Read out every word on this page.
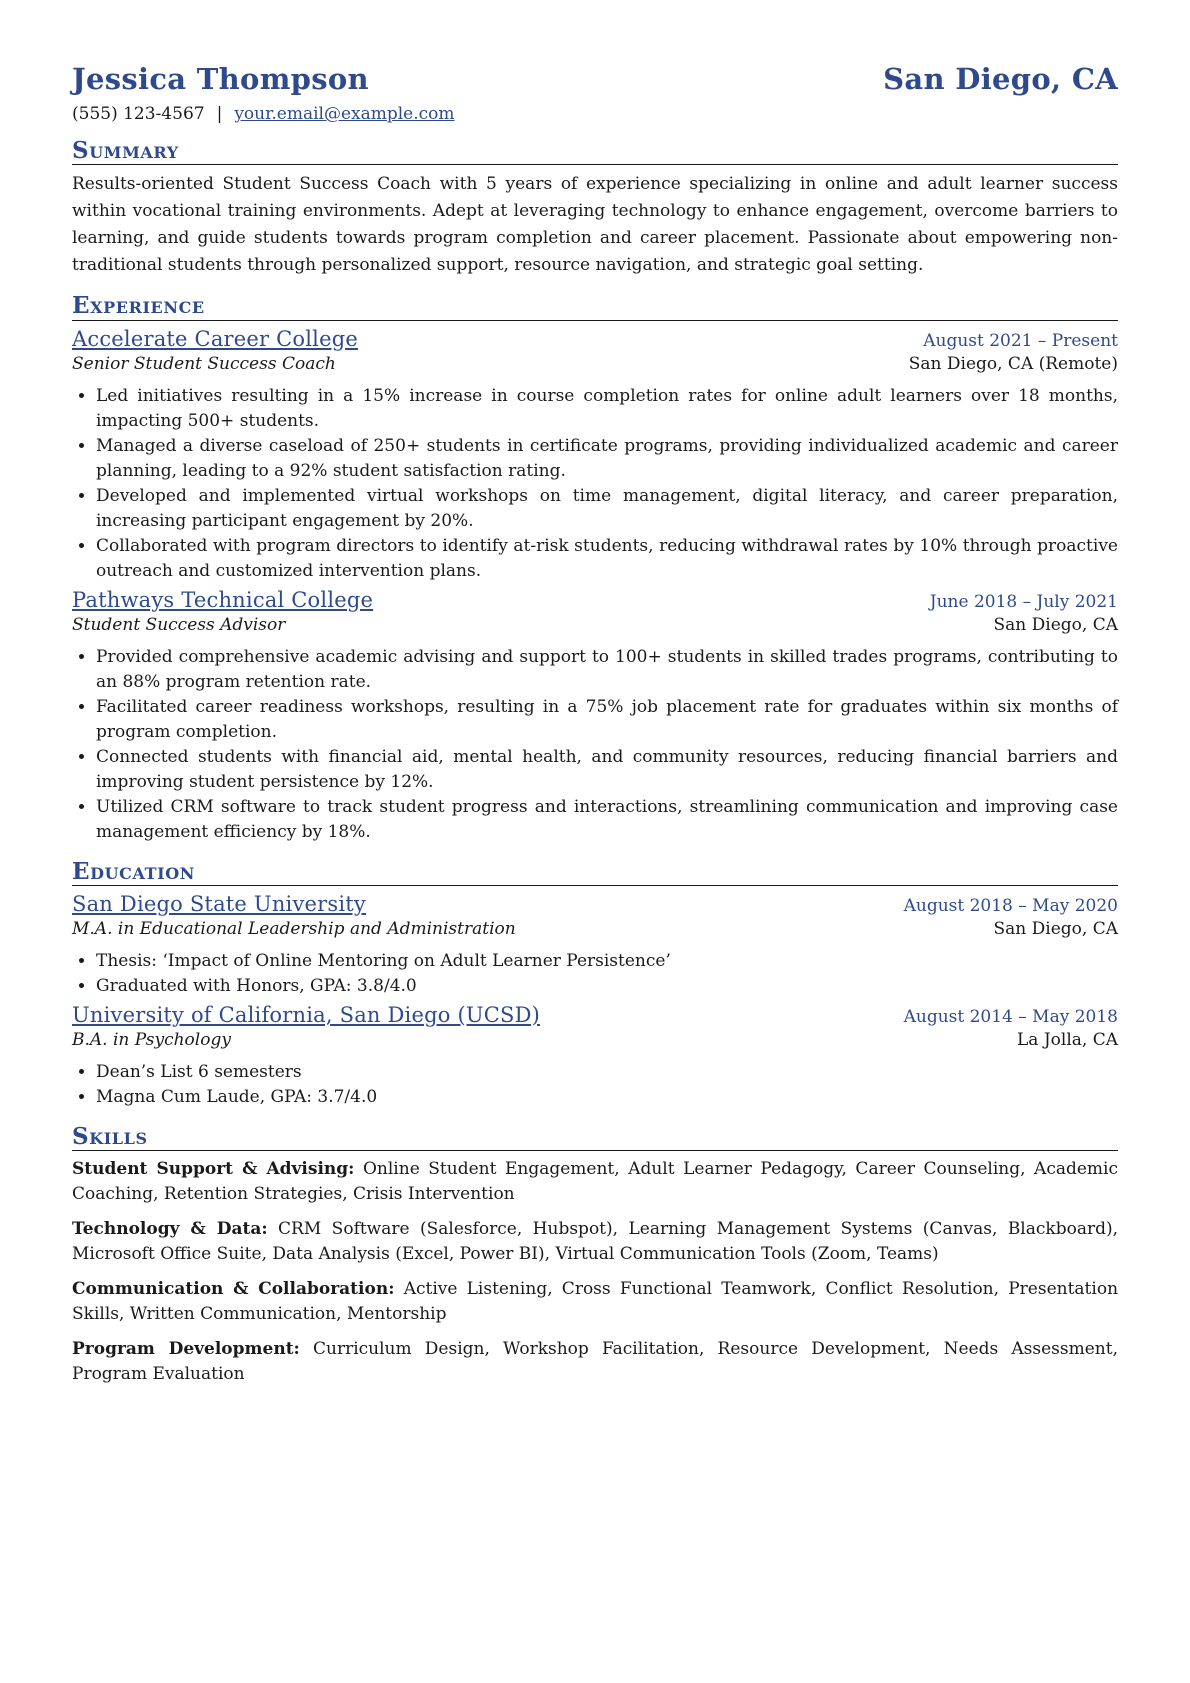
Jessica Thompson	San Diego, CA
(555) 123-4567 | your.email@example.com
Summary
Results-oriented Student Success Coach with 5 years of experience specializing in online and adult learner success within vocational training environments. Adept at leveraging technology to enhance engagement, overcome barriers to learning, and guide students towards program completion and career placement. Passionate about empowering non-traditional students through personalized support, resource navigation, and strategic goal setting.
Experience
Accelerate Career College	August 2021 – Present
Senior Student Success Coach	San Diego, CA (Remote)
• Led initiatives resulting in a 15% increase in course completion rates for online adult learners over 18 months, impacting 500+ students.
• Managed a diverse caseload of 250+ students in certificate programs, providing individualized academic and career planning, leading to a 92% student satisfaction rating.
• Developed and implemented virtual workshops on time management, digital literacy, and career preparation, increasing participant engagement by 20%.
• Collaborated with program directors to identify at-risk students, reducing withdrawal rates by 10% through proactive outreach and customized intervention plans.
Pathways Technical College	June 2018 – July 2021
Student Success Advisor	San Diego, CA
• Provided comprehensive academic advising and support to 100+ students in skilled trades programs, contributing to an 88% program retention rate.
• Facilitated career readiness workshops, resulting in a 75% job placement rate for graduates within six months of program completion.
• Connected students with financial aid, mental health, and community resources, reducing financial barriers and improving student persistence by 12%.
• Utilized CRM software to track student progress and interactions, streamlining communication and improving case management efficiency by 18%.
Education
San Diego State University	August 2018 – May 2020
M.A. in Educational Leadership and Administration	San Diego, CA
• Thesis: ‘Impact of Online Mentoring on Adult Learner Persistence’
• Graduated with Honors, GPA: 3.8/4.0
University of California, San Diego (UCSD)	August 2014 – May 2018
B.A. in Psychology	La Jolla, CA
• Dean’s List 6 semesters
• Magna Cum Laude, GPA: 3.7/4.0
Skills
Student Support & Advising: Online Student Engagement, Adult Learner Pedagogy, Career Counseling, Academic Coaching, Retention Strategies, Crisis Intervention
Technology & Data: CRM Software (Salesforce, Hubspot), Learning Management Systems (Canvas, Blackboard), Microsoft Office Suite, Data Analysis (Excel, Power BI), Virtual Communication Tools (Zoom, Teams)
Communication & Collaboration: Active Listening, Cross Functional Teamwork, Conflict Resolution, Presentation Skills, Written Communication, Mentorship
Program Development: Curriculum Design, Workshop Facilitation, Resource Development, Needs Assessment, Program Evaluation
